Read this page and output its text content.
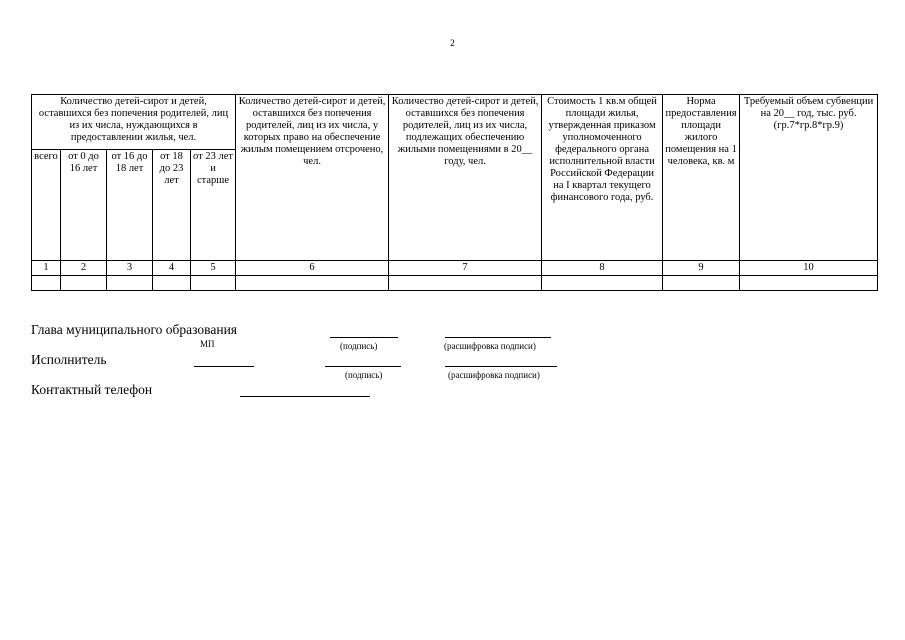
2
Количество детей-сирот и детей, оставшихся без попечения родителей, лиц из их числа, нуждающихся в предоставлении жилья, чел.					Количество детей-сирот и детей, оставшихся без попечения родителей, лиц из их числа, у которых право на обеспечение жилым помещением отсрочено, чел.	Количество детей-сирот и детей, оставшихся без попечения родителей, лиц из их числа, подлежащих обеспечению жилыми помещениями в 20__ году, чел.	Стоимость 1 кв.м общей площади жилья, утвержденная приказом уполномоченного федерального органа исполнительной власти Российской Федерации на I квартал текущего финансового года, руб.	Норма предоставления площади жилого помещения на 1 человека, кв. м	Требуемый объем субвенции на 20__ год, тыс. руб. (гр.7*гр.8*гр.9)
всего	от 0 до 16 лет	от 16 до 18 лет	от 18 до 23 лет	от 23 лет и старше					
1	2	3	4	5	6	7	8	9	10

Глава муниципального образования
МП	(подпись)	(расшифровка подписи)
Исполнитель
(подпись)	(расшифровка подписи)
Контактный телефон
